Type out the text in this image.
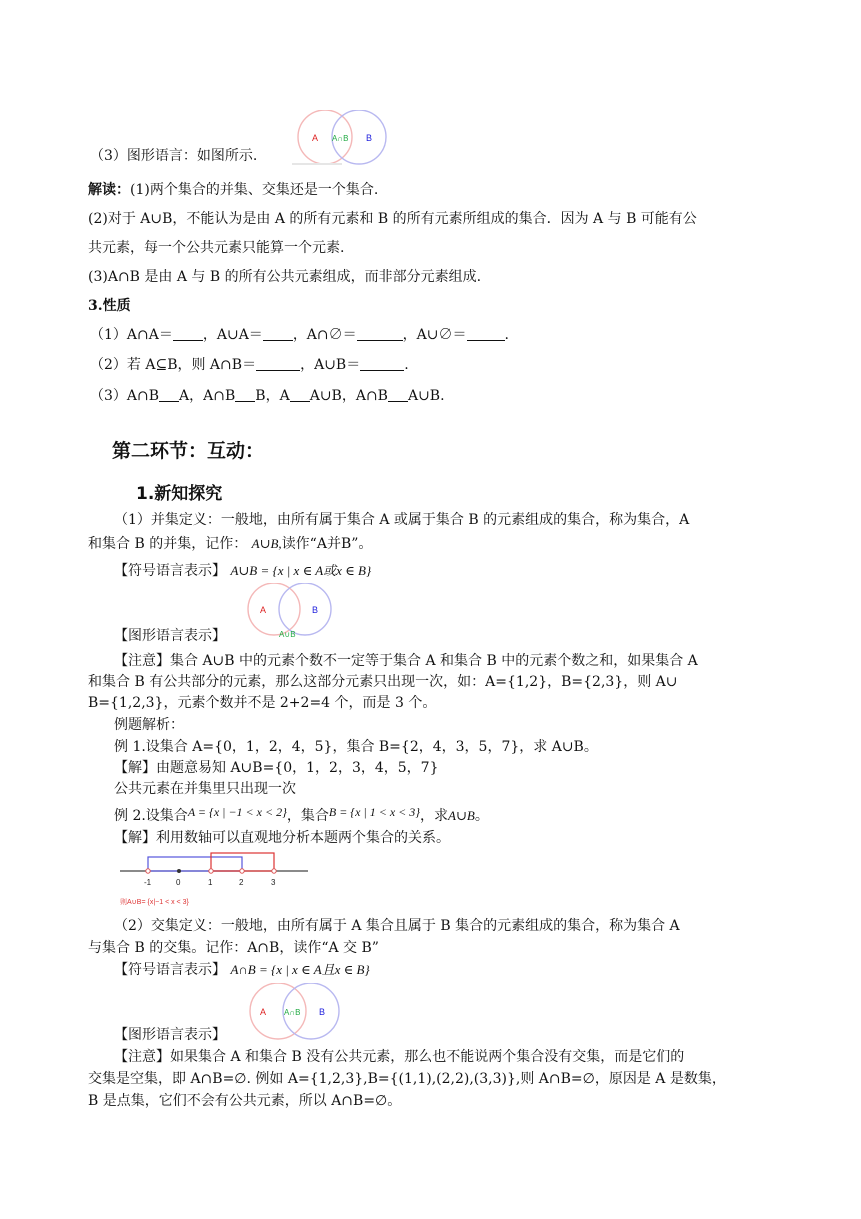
（3）图形语言：如图所示.
A A∩B B
解读：(1)两个集合的并集、交集还是一个集合.
(2)对于 A∪B，不能认为是由 A 的所有元素和 B 的所有元素所组成的集合．因为 A 与 B 可能有公
共元素，每一个公共元素只能算一个元素.
(3)A∩B 是由 A 与 B 的所有公共元素组成，而非部分元素组成.
3.性质
（1）A∩A＝ ，A∪A＝ ，A∩∅＝	，A∪∅＝	.
（2）若 A⊆B，则 A∩B＝	，A∪B＝	.
（3）A∩B A，A∩B B，A A∪B，A∩B A∪B.
第二环节：互动：
1.新知探究
（1）并集定义：一般地，由所有属于集合 A 或属于集合 B 的元素组成的集合，称为集合，A
和集合 B 的并集，记作： A∪B,读作“A并B”。
【符号语言表示】 A∪B = {x | x ∈ A或x ∈ B}
A	B
A∪B
【图形语言表示】
【注意】集合 A∪B 中的元素个数不一定等于集合 A 和集合 B 中的元素个数之和，如果集合 A
和集合 B 有公共部分的元素，那么这部分元素只出现一次，如：A={1,2}，B={2,3}，则 A∪
B={1,2,3}，元素个数并不是 2+2=4 个，而是 3 个。
例题解析：
例 1.设集合 A={0，1，2，4，5}，集合 B={2，4，3，5，7}，求 A∪B。
【解】由题意易知 A∪B={0，1，2，3，4，5，7}
公共元素在并集里只出现一次
例 2.设集合A = {x | −1 < x < 2}，集合B = {x | 1 < x < 3}，求A∪B。
【解】利用数轴可以直观地分析本题两个集合的关系。
-1	0	1	2	3
则A∪B= {x|−1 < x < 3}
（2）交集定义：一般地，由所有属于 A 集合且属于 B 集合的元素组成的集合，称为集合 A
与集合 B 的交集。记作：A∩B，读作“A 交 B”
【符号语言表示】 A∩B = {x | x ∈ A且x ∈ B}
A A∩B B
【图形语言表示】
【注意】如果集合 A 和集合 B 没有公共元素，那么也不能说两个集合没有交集，而是它们的
交集是空集，即 A∩B=∅. 例如 A={1,2,3},B={(1,1),(2,2),(3,3)},则 A∩B=∅，原因是 A 是数集，
B 是点集，它们不会有公共元素，所以 A∩B=∅。
